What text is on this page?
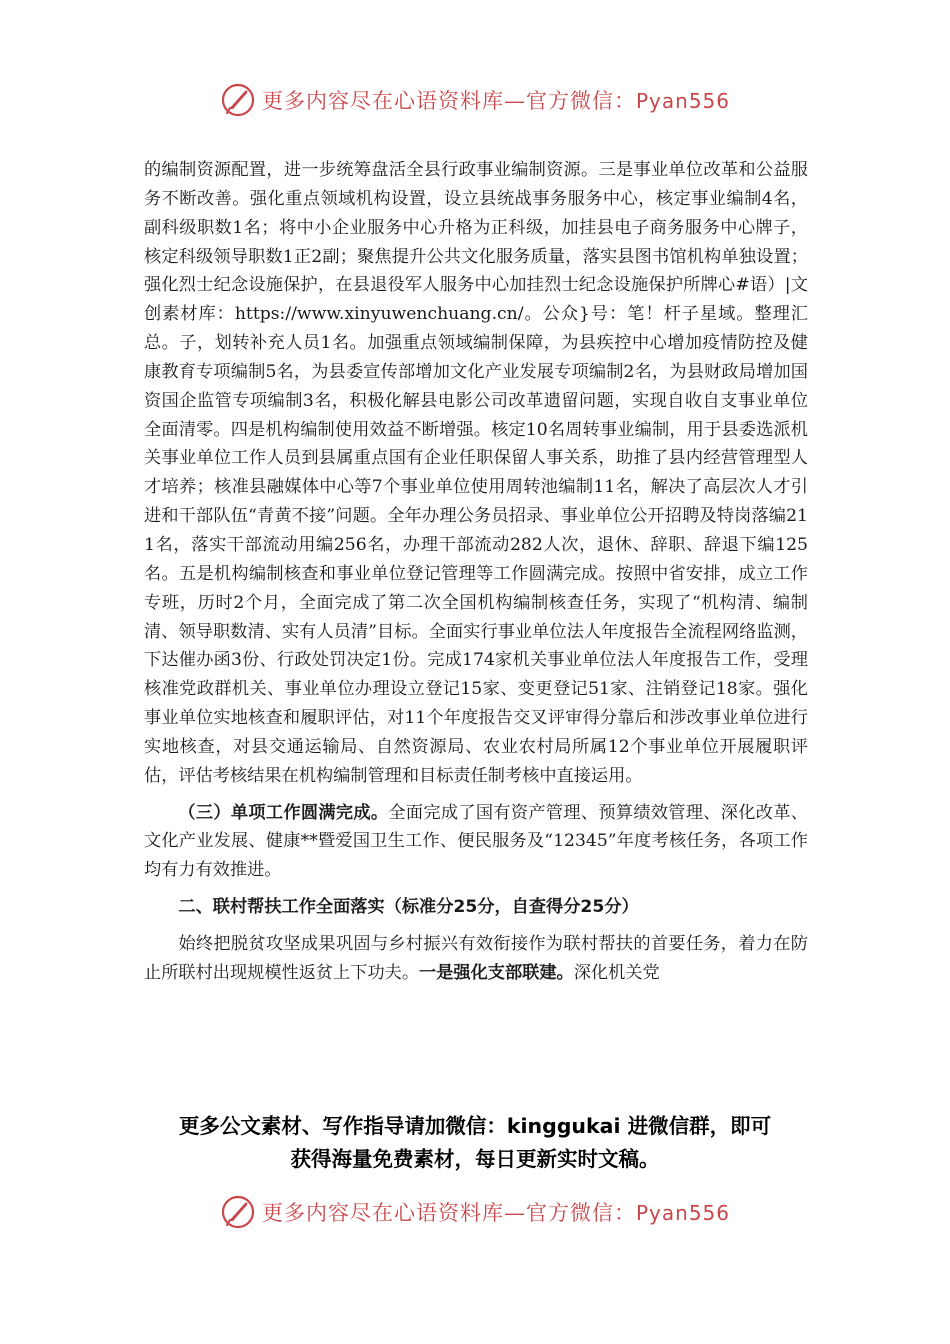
更多内容尽在心语资料库—官方微信：Pyan556

的编制资源配置，进一步统筹盘活全县行政事业编制资源。三是事业单位改革和公益服务不断改善。强化重点领域机构设置，设立县统战事务服务中心，核定事业编制4名，副科级职数1名；将中小企业服务中心升格为正科级，加挂县电子商务服务中心牌子，核定科级领导职数1正2副；聚焦提升公共文化服务质量，落实县图书馆机构单独设置；强化烈士纪念设施保护，在县退役军人服务中心加挂烈士纪念设施保护所牌心#语）|文创素材库：https://www.xinyuwenchuang.cn/。公众}号：笔！杆子星域。整理汇总。子，划转补充人员1名。加强重点领域编制保障，为县疾控中心增加疫情防控及健康教育专项编制5名，为县委宣传部增加文化产业发展专项编制2名，为县财政局增加国资国企监管专项编制3名，积极化解县电影公司改革遗留问题，实现自收自支事业单位全面清零。四是机构编制使用效益不断增强。核定10名周转事业编制，用于县委选派机关事业单位工作人员到县属重点国有企业任职保留人事关系，助推了县内经营管理型人才培养；核准县融媒体中心等7个事业单位使用周转池编制11名，解决了高层次人才引进和干部队伍“青黄不接”问题。全年办理公务员招录、事业单位公开招聘及特岗落编211名，落实干部流动用编256名，办理干部流动282人次，退休、辞职、辞退下编125名。五是机构编制核查和事业单位登记管理等工作圆满完成。按照中省安排，成立工作专班，历时2个月，全面完成了第二次全国机构编制核查任务，实现了“机构清、编制清、领导职数清、实有人员清”目标。全面实行事业单位法人年度报告全流程网络监测，下达催办函3份、行政处罚决定1份。完成174家机关事业单位法人年度报告工作，受理核准党政群机关、事业单位办理设立登记15家、变更登记51家、注销登记18家。强化事业单位实地核查和履职评估，对11个年度报告交叉评审得分靠后和涉改事业单位进行实地核查，对县交通运输局、自然资源局、农业农村局所属12个事业单位开展履职评估，评估考核结果在机构编制管理和目标责任制考核中直接运用。

（三）单项工作圆满完成。全面完成了国有资产管理、预算绩效管理、深化改革、文化产业发展、健康**暨爱国卫生工作、便民服务及“12345”年度考核任务，各项工作均有力有效推进。

二、联村帮扶工作全面落实（标准分25分，自查得分25分）

始终把脱贫攻坚成果巩固与乡村振兴有效衔接作为联村帮扶的首要任务，着力在防止所联村出现规模性返贫上下功夫。一是强化支部联建。深化机关党

更多公文素材、写作指导请加微信：kinggukai 进微信群，即可
获得海量免费素材，每日更新实时文稿。
更多内容尽在心语资料库—官方微信：Pyan556
